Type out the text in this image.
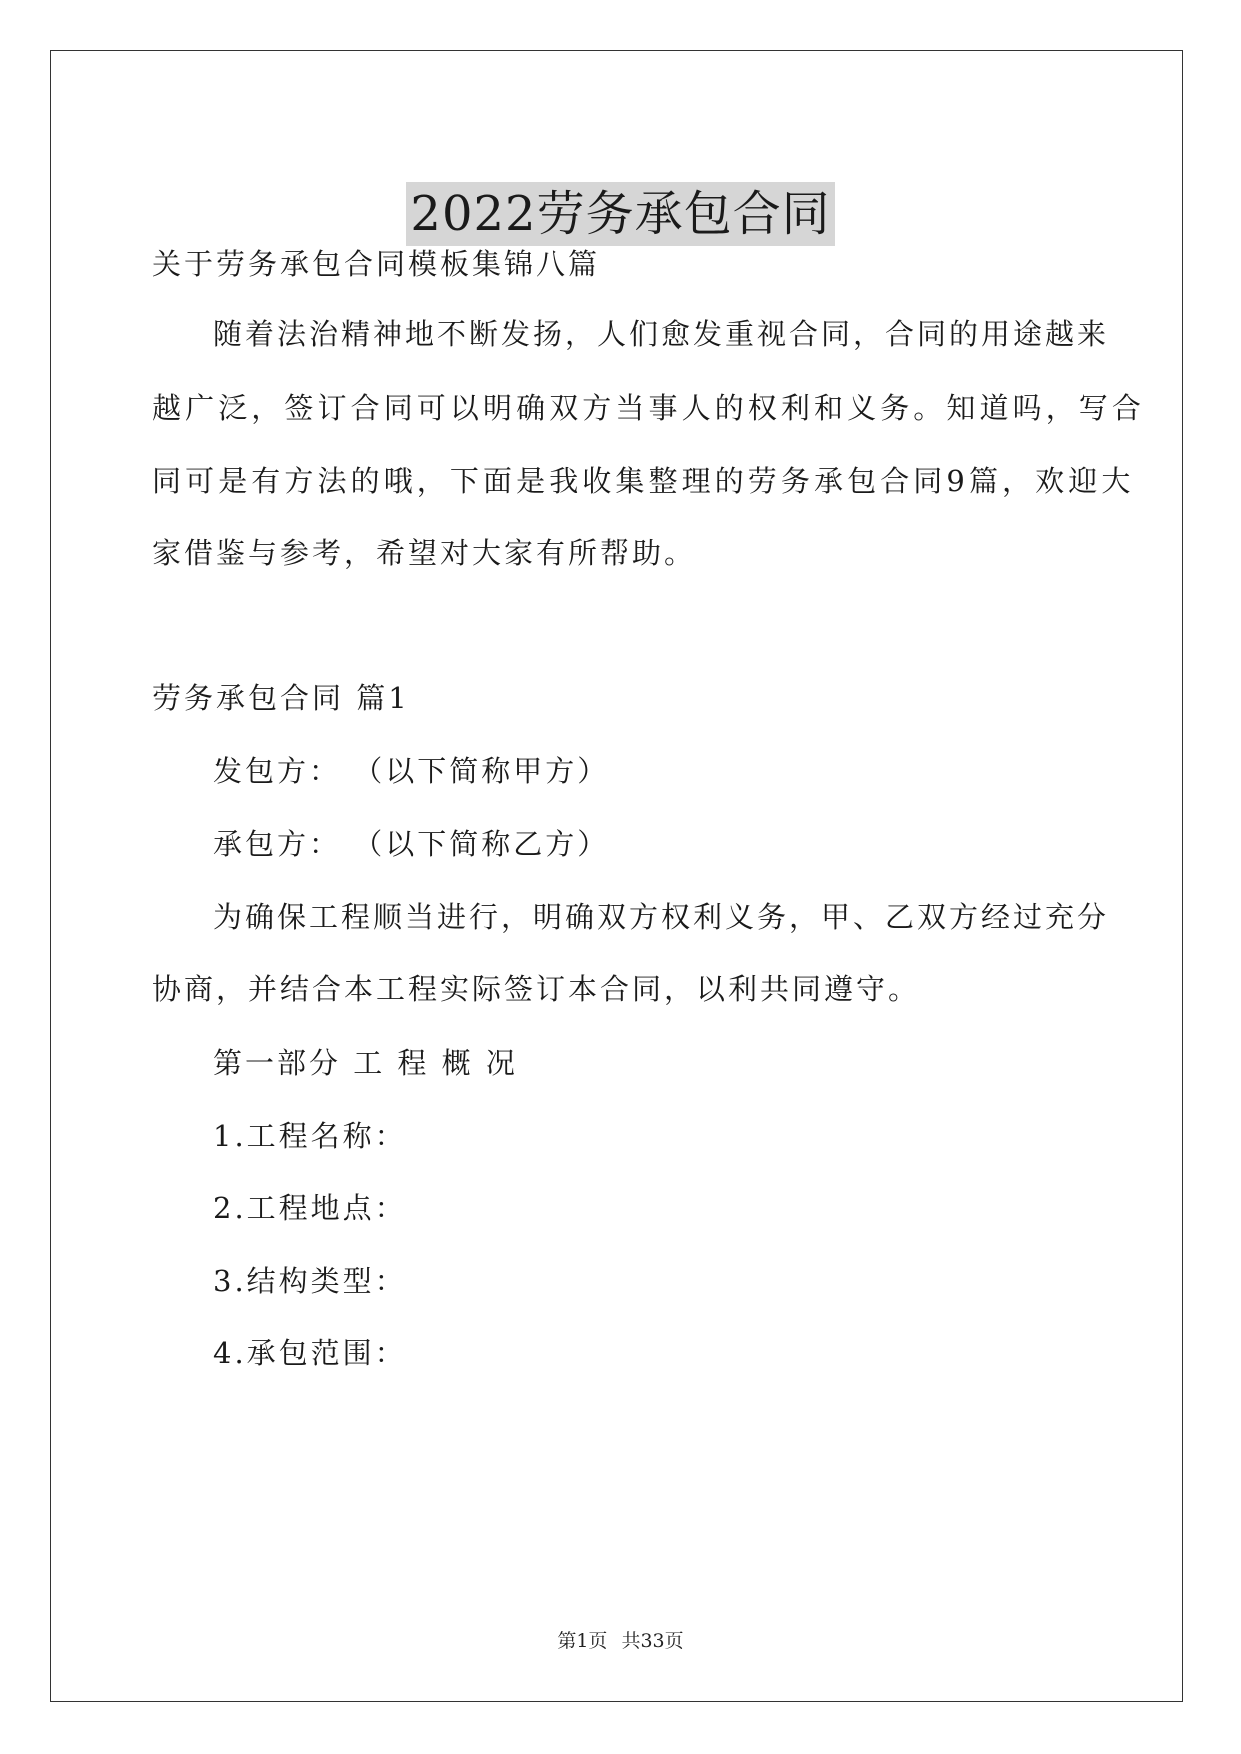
2022劳务承包合同
关于劳务承包合同模板集锦八篇
随着法治精神地不断发扬，人们愈发重视合同，合同的用途越来
越广泛，签订合同可以明确双方当事人的权利和义务。知道吗，写合
同可是有方法的哦，下面是我收集整理的劳务承包合同9篇，欢迎大
家借鉴与参考，希望对大家有所帮助。
劳务承包合同 篇1
发包方： （以下简称甲方）
承包方： （以下简称乙方）
为确保工程顺当进行，明确双方权利义务，甲、乙双方经过充分
协商，并结合本工程实际签订本合同，以利共同遵守。
第一部分 工 程 概 况
1.工程名称：
2.工程地点：
3.结构类型：
4.承包范围：
第1页 共33页
